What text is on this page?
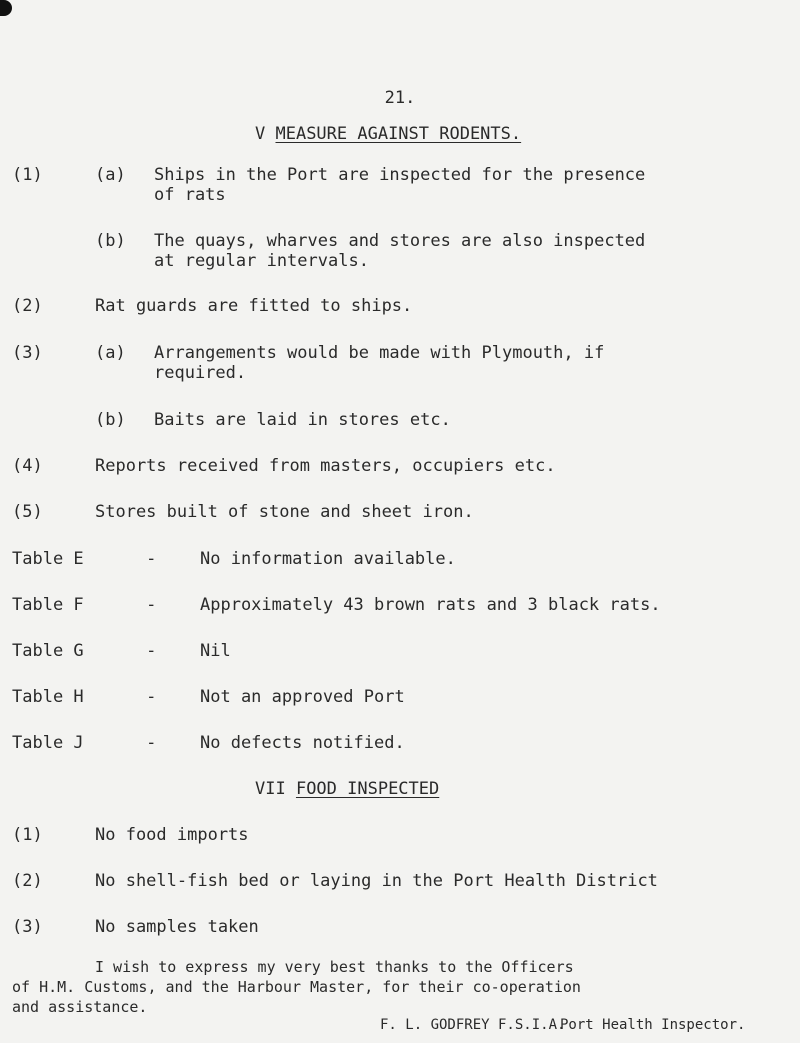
21.
V MEASURE AGAINST RODENTS.
(1)	(a) Ships in the Port are inspected for the presence
of rats
(b) The quays, wharves and stores are also inspected
at regular intervals.
(2)	Rat guards are fitted to ships.
(3)	(a) Arrangements would be made with Plymouth, if
required.
(b) Baits are laid in stores etc.
(4)	Reports received from masters, occupiers etc.
(5)	Stores built of stone and sheet iron.
Table E -	No information available.
Table F -	Approximately 43 brown rats and 3 black rats.
Table G -	Nil
Table H -	Not an approved Port
Table J -	No defects notified.
VII FOOD INSPECTED
(1)	No food imports
(2)	No shell-fish bed or laying in the Port Health District
(3)	No samples taken
I wish to express my very best thanks to the Officers
of H.M. Customs, and the Harbour Master, for their co-operation
and assistance.
F. L. GODFREY F.S.I.A.
Port Health Inspector.
